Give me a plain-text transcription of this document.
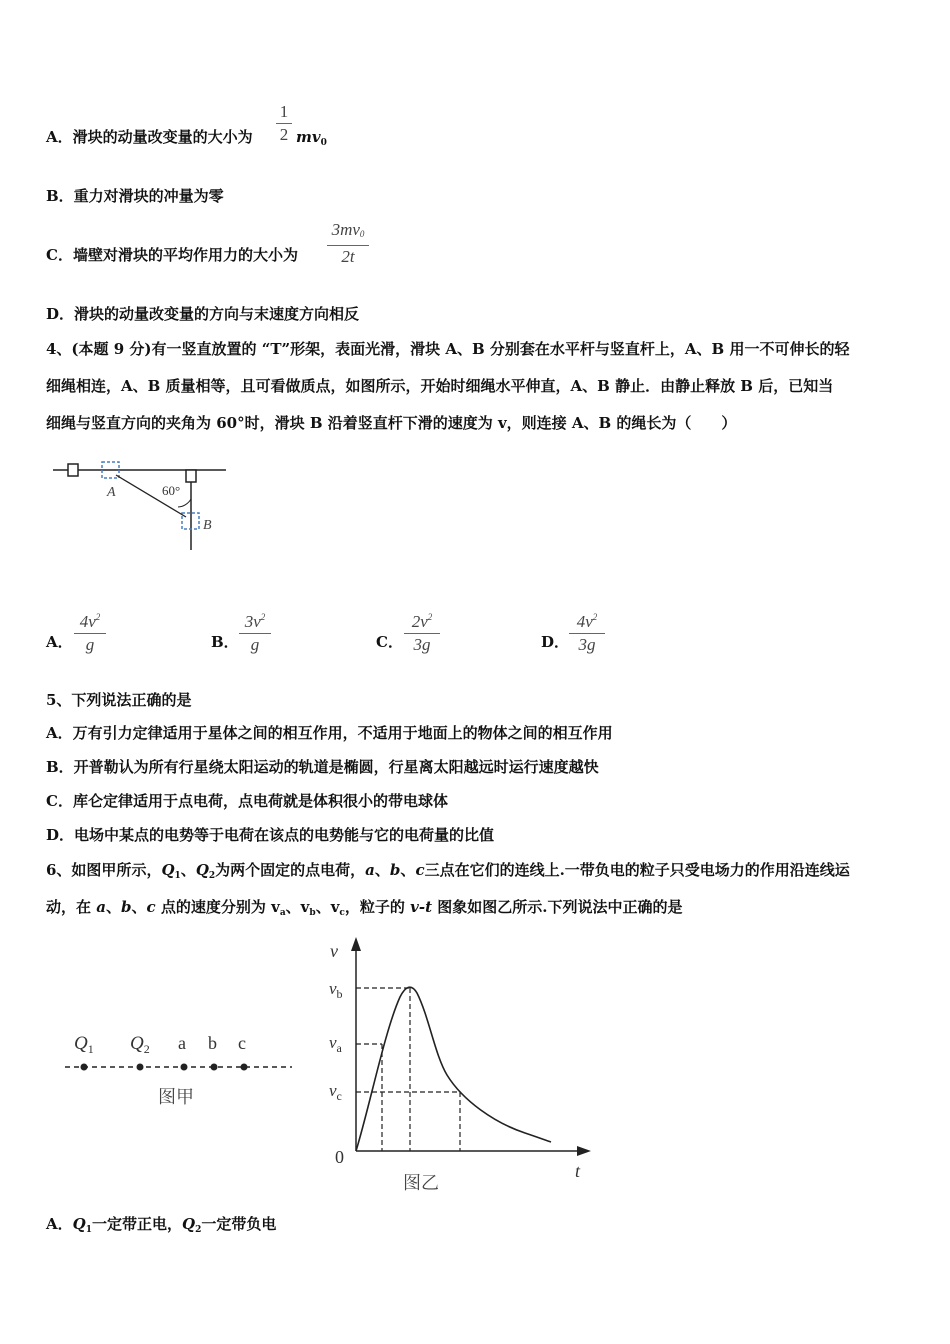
A．滑块的动量改变量的大小为
1
2 $mv_0$
B．重力对滑块的冲量为零
C．墙壁对滑块的平均作用力的大小为
$3mv_0$
2t
D．滑块的动量改变量的方向与末速度方向相反
4、(本题 9 分)有一竖直放置的 “T”形架，表面光滑，滑块 A、B 分别套在水平杆与竖直杆上，A、B 用一不可伸长的轻
细绳相连，A、B 质量相等，且可看做质点，如图所示，开始时细绳水平伸直，A、B 静止．由静止释放 B 后，已知当
细绳与竖直方向的夹角为 60°时，滑块 B 沿着竖直杆下滑的速度为 v，则连接 A、B 的绳长为（　　）
A
B
60°
A．
$4v^2$
g	B．
$3v^2$
g	C．
$2v^2$
3g	D．
$4v^2$
3g
5、下列说法正确的是
A．万有引力定律适用于星体之间的相互作用，不适用于地面上的物体之间的相互作用
B．开普勒认为所有行星绕太阳运动的轨道是椭圆，行星离太阳越远时运行速度越快
C．库仑定律适用于点电荷，点电荷就是体积很小的带电球体
D．电场中某点的电势等于电荷在该点的电势能与它的电荷量的比值
6、如图甲所示，$Q_1$、$Q_2$为两个固定的点电荷，a、b、c三点在它们的连线上.一带负电的粒子只受电场力的作用沿连线运
动，在 a、b、c 点的速度分别为 $v_a$、$v_b$、$v_c$，粒子的 v-t 图象如图乙所示.下列说法中正确的是
$Q_1$ $Q_2$ a b c
图甲
v
t
0
$v_b$
$v_a$
$v_c$
图乙
A．$Q_1$一定带正电，$Q_2$一定带负电
